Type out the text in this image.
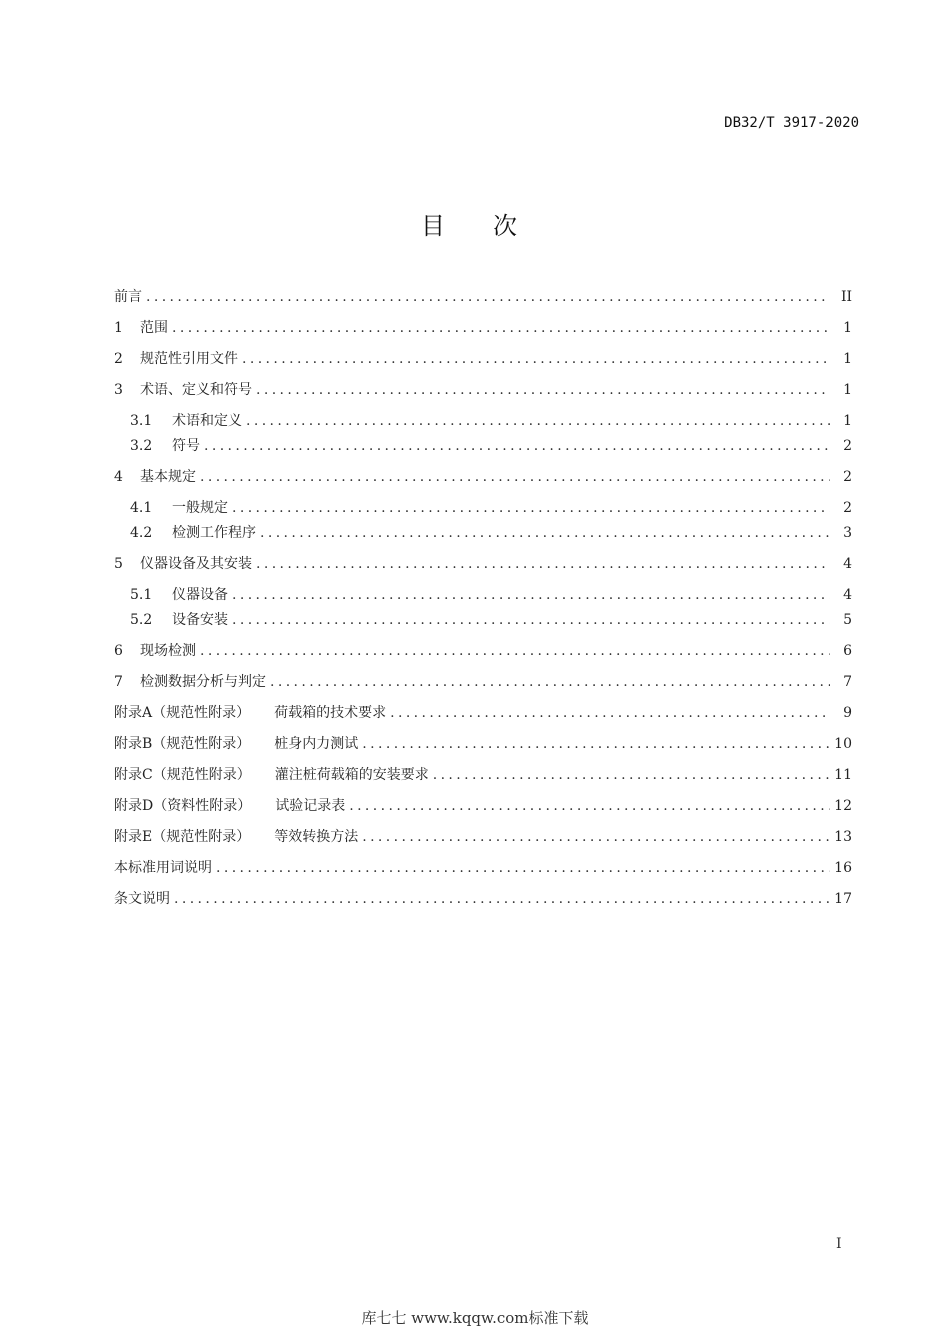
DB32/T 3917-2020
目次
前言 .....	II
1	范围 .....	1
2	规范性引用文件 .....	1
3	术语、定义和符号 .....	1
3.1	术语和定义 .....	1
3.2	符号 .....	2
4	基本规定 .....	2
4.1	一般规定 .....	2
4.2	检测工作程序 .....	3
5	仪器设备及其安装 .....	4
5.1	仪器设备 .....	4
5.2	设备安装 .....	5
6	现场检测 .....	6
7	检测数据分析与判定 .....	7
附录A（规范性附录） 荷载箱的技术要求 .....	9
附录B（规范性附录） 桩身内力测试 .....	10
附录C（规范性附录） 灌注桩荷载箱的安装要求 .....	11
附录D（资料性附录） 试验记录表 .....	12
附录E（规范性附录） 等效转换方法 .....	13
本标准用词说明 .....	16
条文说明 .....	17
I
库七七 www.kqqw.com标准下载
